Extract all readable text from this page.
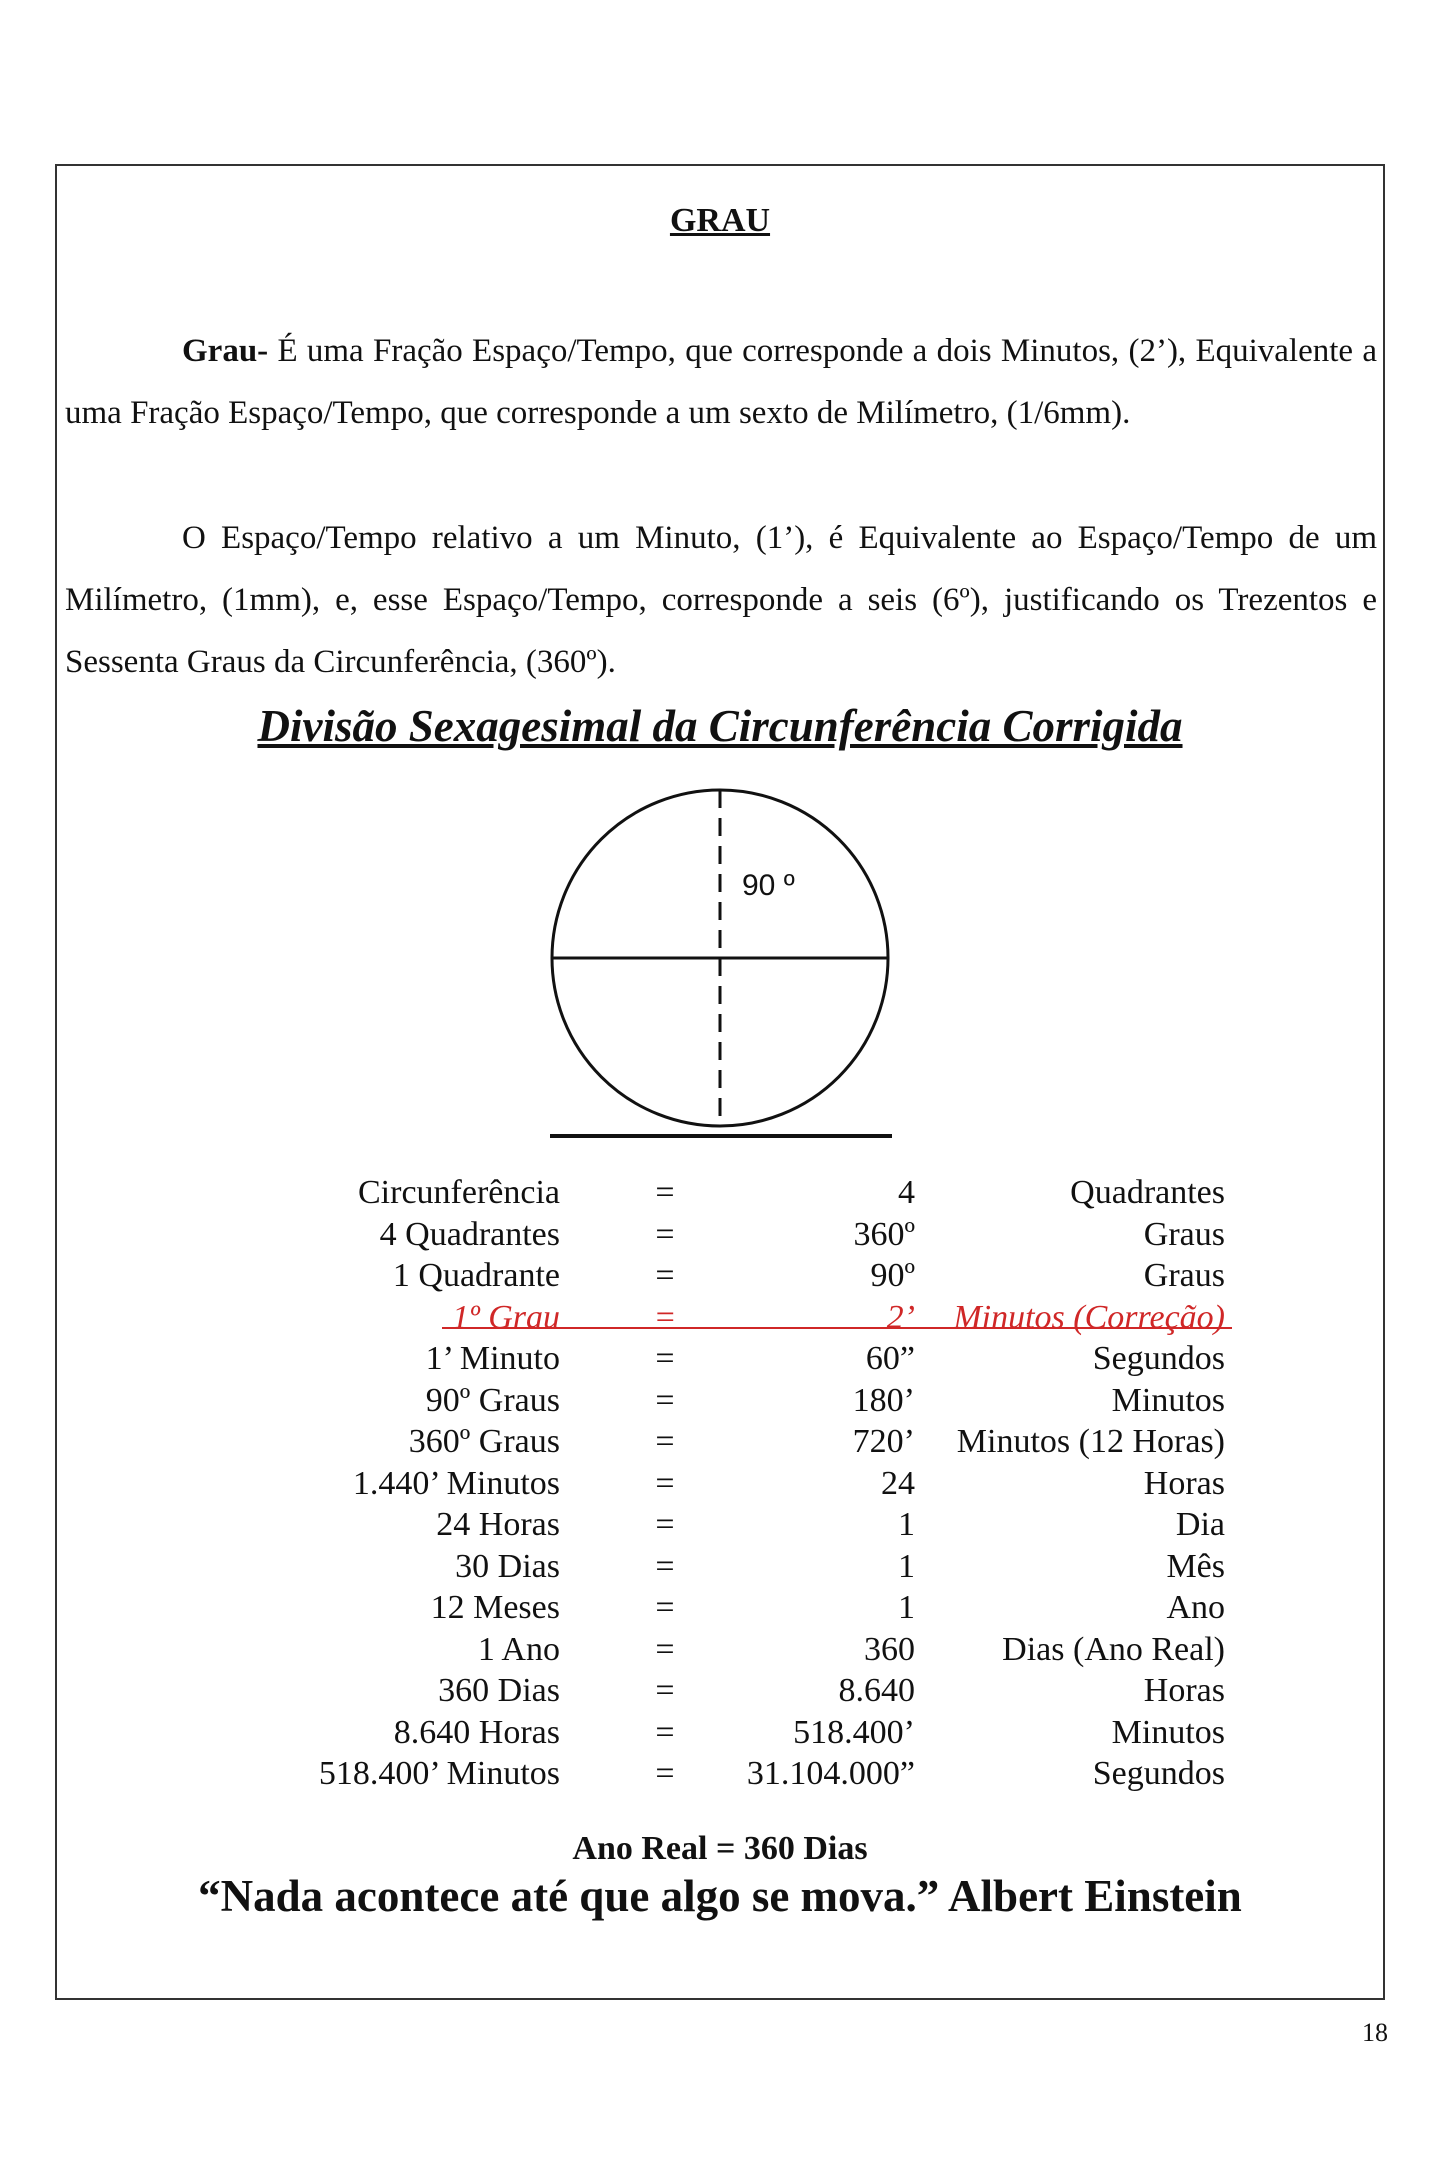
GRAU

Grau- É uma Fração Espaço/Tempo, que corresponde a dois Minutos, (2’), Equivalente a uma Fração Espaço/Tempo, que corresponde a um sexto de Milímetro, (1/6mm).

O Espaço/Tempo relativo a um Minuto, (1’), é Equivalente ao Espaço/Tempo de um Milímetro, (1mm), e, esse Espaço/Tempo, corresponde a seis (6º), justificando os Trezentos e Sessenta Graus da Circunferência, (360º).

Divisão Sexagesimal da Circunferência Corrigida
90 º
Circunferência	=	4	Quadrantes
4 Quadrantes	=	360º	Graus
1 Quadrante	=	90º	Graus
1º Grau	=	2’ Minutos (Correção)
1’ Minuto	=	60”	Segundos
90º Graus	=	180’	Minutos
360º Graus	=	720’ Minutos (12 Horas)
1.440’ Minutos	=	24	Horas
24 Horas	=	1	Dia
30 Dias	=	1	Mês
12 Meses	=	1	Ano
1 Ano	=	360	Dias (Ano Real)
360 Dias	=	8.640	Horas
8.640 Horas	=	518.400’	Minutos
518.400’ Minutos	= 31.104.000”	Segundos
Ano Real = 360 Dias
“Nada acontece até que algo se mova.” Albert Einstein
18
